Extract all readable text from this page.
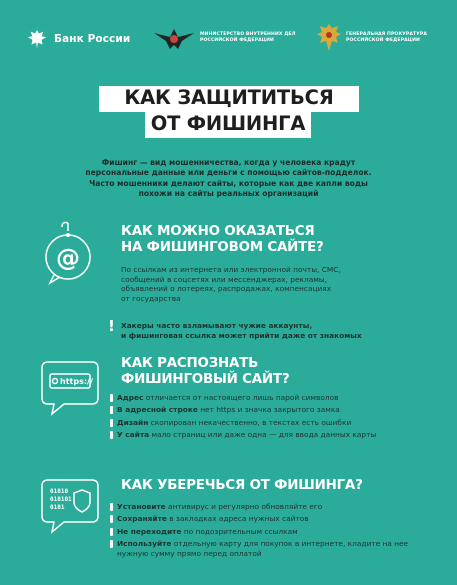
Банк России	МИНИСТЕРСТВО ВНУТРЕННИХ ДЕЛ
РОССИЙСКОЙ ФЕДЕРАЦИИ
ГЕНЕРАЛЬНАЯ ПРОКУРАТУРА
РОССИЙСКОЙ ФЕДЕРАЦИИ
КАК ЗАЩИТИТЬСЯ
ОТ ФИШИНГА
Фишинг — вид мошенничества, когда у человека крадут
персональные данные или деньги с помощью сайтов-подделок.
Часто мошенники делают сайты, которые как две капли воды
похожи на сайты реальных организаций
@
КАК МОЖНО ОКАЗАТЬСЯ
НА ФИШИНГОВОМ САЙТЕ?
По ссылкам из интернета или электронной почты, СМС,
сообщений в соцсетях или мессенджерах, рекламы,
объявлений о лотереях, распродажах, компенсациях
от государства
! Хакеры часто взламывают чужие аккаунты,
и фишинговая ссылка может прийти даже от знакомых
https://
КАК РАСПОЗНАТЬ
ФИШИНГОВЫЙ САЙТ?
Адрес отличается от настоящего лишь парой символов
В адресной строке нет https и значка закрытого замка
Дизайн скопирован некачественно, в текстах есть ошибки
У сайта мало страниц или даже одна — для ввода данных карты
01010
010101
0101
КАК УБЕРЕЧЬСЯ ОТ ФИШИНГА?
Установите антивирус и регулярно обновляйте его
Сохраняйте в закладках адреса нужных сайтов
Не переходите по подозрительным ссылкам
Используйте отдельную карту для покупок в интернете, кладите на нее нужную сумму прямо перед оплатой
